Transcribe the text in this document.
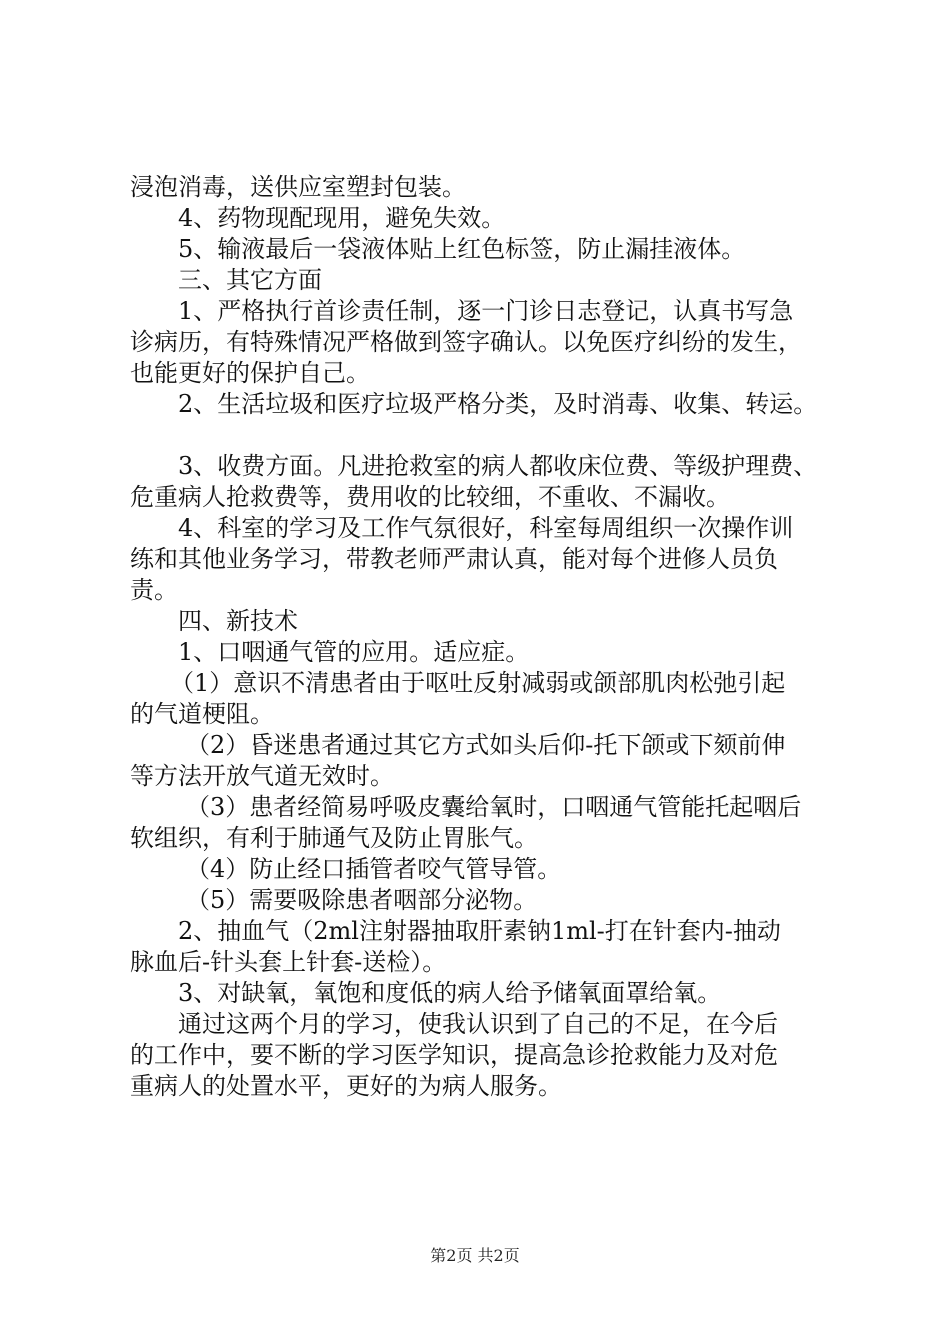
浸泡消毒，送供应室塑封包装。
4、药物现配现用，避免失效。
5、输液最后一袋液体贴上红色标签，防止漏挂液体。
三、其它方面
1、严格执行首诊责任制，逐一门诊日志登记，认真书写急
诊病历，有特殊情况严格做到签字确认。以免医疗纠纷的发生，
也能更好的保护自己。
2、生活垃圾和医疗垃圾严格分类，及时消毒、收集、转运。
3、收费方面。凡进抢救室的病人都收床位费、等级护理费、
危重病人抢救费等，费用收的比较细，不重收、不漏收。
4、科室的学习及工作气氛很好，科室每周组织一次操作训
练和其他业务学习，带教老师严肃认真，能对每个进修人员负
责。
四、新技术
1、口咽通气管的应用。适应症。
（1）意识不清患者由于呕吐反射减弱或颌部肌肉松弛引起
的气道梗阻。
（2）昏迷患者通过其它方式如头后仰-托下颌或下颏前伸
等方法开放气道无效时。
（3）患者经简易呼吸皮囊给氧时，口咽通气管能托起咽后
软组织，有利于肺通气及防止胃胀气。
（4）防止经口插管者咬气管导管。
（5）需要吸除患者咽部分泌物。
2、抽血气（2ml注射器抽取肝素钠1ml-打在针套内-抽动
脉血后-针头套上针套-送检）。
3、对缺氧，氧饱和度低的病人给予储氧面罩给氧。
通过这两个月的学习，使我认识到了自己的不足，在今后
的工作中，要不断的学习医学知识，提高急诊抢救能力及对危
重病人的处置水平，更好的为病人服务。
第2页 共2页
